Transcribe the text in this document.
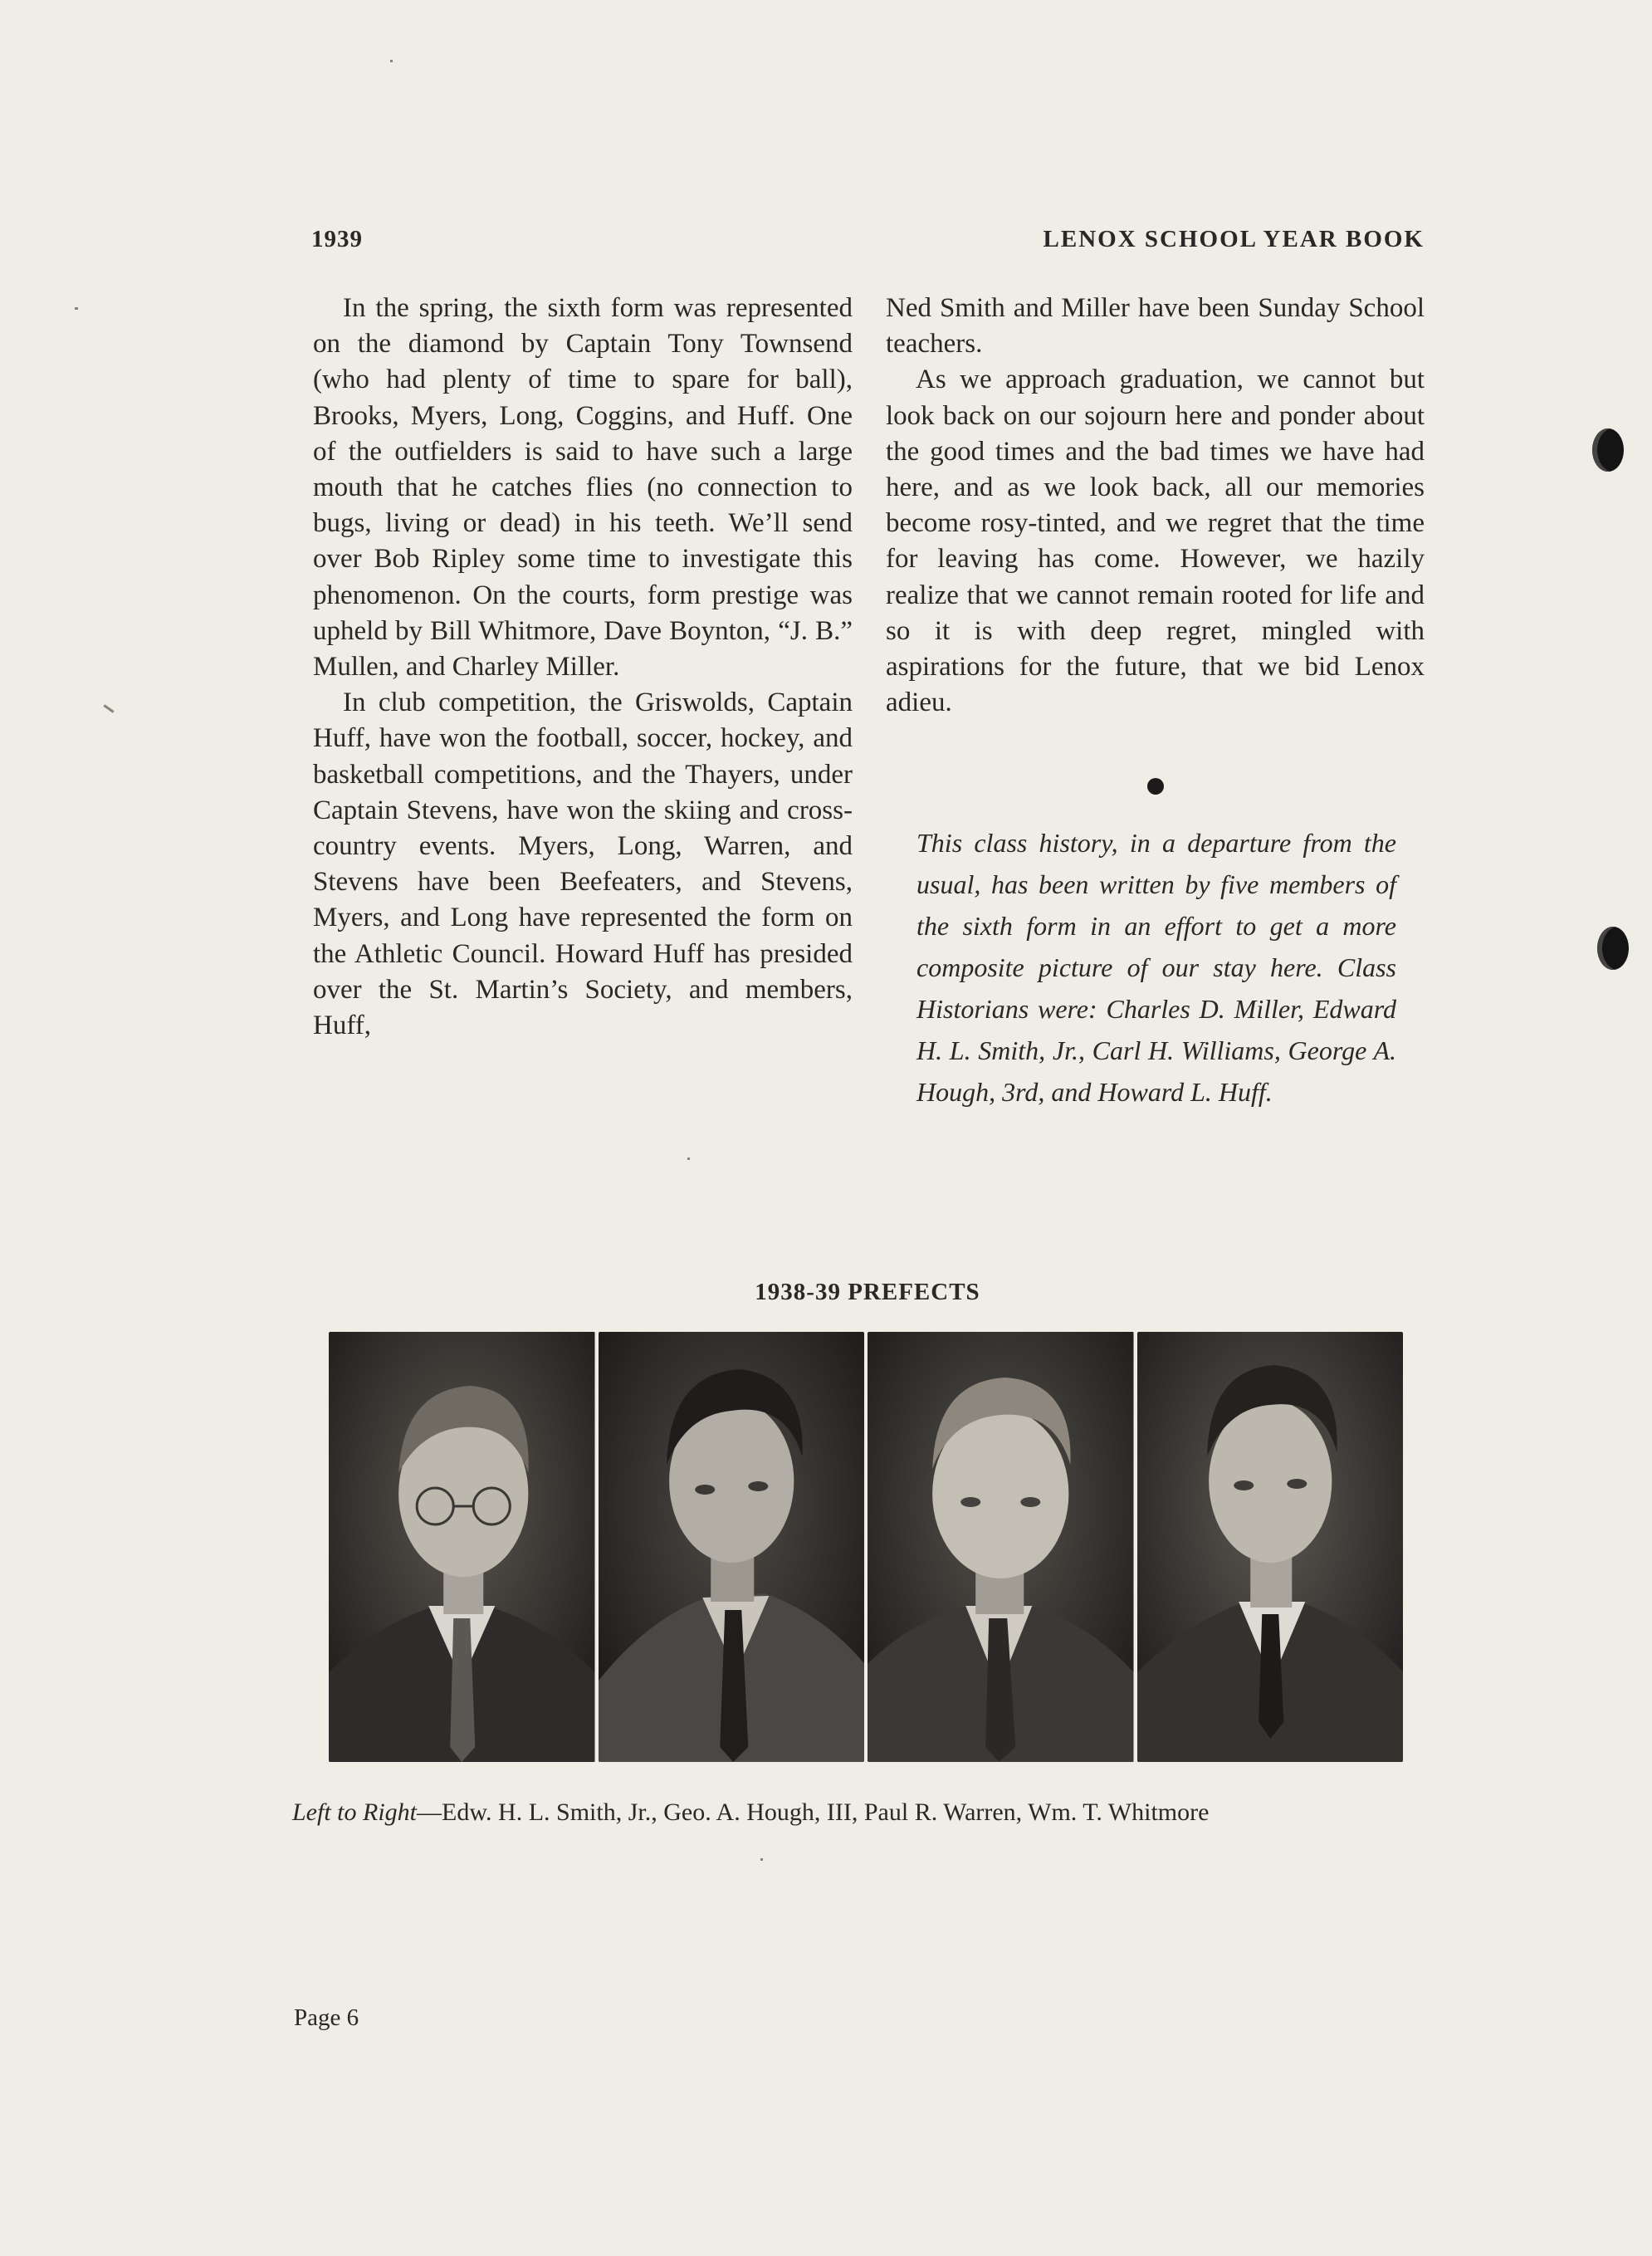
1939	LENOX SCHOOL YEAR BOOK

In the spring, the sixth form was represented on the diamond by Captain Tony Townsend (who had plenty of time to spare for ball), Brooks, Myers, Long, Coggins, and Huff. One of the outfielders is said to have such a large mouth that he catches flies (no connection to bugs, living or dead) in his teeth. We’ll send over Bob Ripley some time to investigate this phenomenon. On the courts, form prestige was upheld by Bill Whitmore, Dave Boynton, “J. B.” Mullen, and Charley Miller.

In club competition, the Griswolds, Captain Huff, have won the football, soccer, hockey, and basketball competitions, and the Thayers, under Captain Stevens, have won the skiing and cross-country events. Myers, Long, Warren, and Stevens have been Beefeaters, and Stevens, Myers, and Long have represented the form on the Athletic Council. Howard Huff has presided over the St. Martin’s Society, and members, Huff,

Ned Smith and Miller have been Sunday School teachers.

As we approach graduation, we cannot but look back on our sojourn here and ponder about the good times and the bad times we have had here, and as we look back, all our memories become rosy-tinted, and we regret that the time for leaving has come. However, we hazily realize that we cannot remain rooted for life and so it is with deep regret, mingled with aspirations for the future, that we bid Lenox adieu.

This class history, in a departure from the usual, has been written by five members of the sixth form in an effort to get a more composite picture of our stay here. Class Historians were: Charles D. Miller, Edward H. L. Smith, Jr., Carl H. Williams, George A. Hough, 3rd, and Howard L. Huff.

1938-39 PREFECTS
Left to Right—Edw. H. L. Smith, Jr., Geo. A. Hough, III, Paul R. Warren, Wm. T. Whitmore
Page 6
